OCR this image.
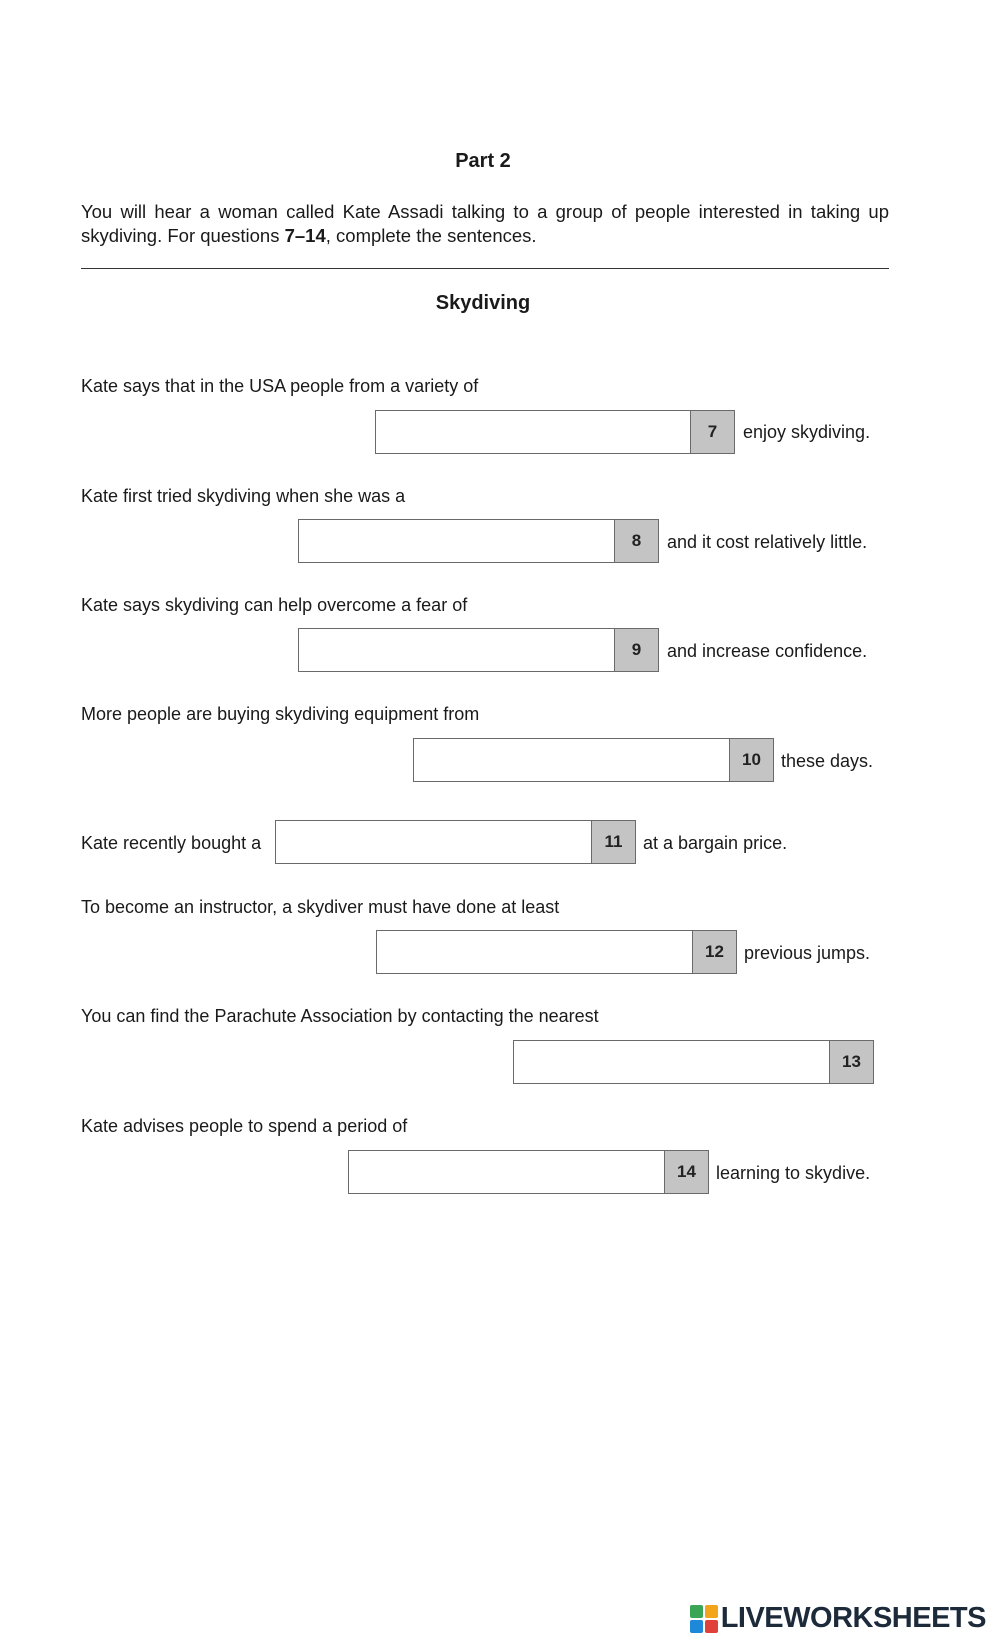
Part 2
You will hear a woman called Kate Assadi talking to a group of people interested in taking up skydiving. For questions 7–14, complete the sentences.
Skydiving
Kate says that in the USA people from a variety of
7	enjoy skydiving.
Kate first tried skydiving when she was a
8	and it cost relatively little.
Kate says skydiving can help overcome a fear of
9	and increase confidence.
More people are buying skydiving equipment from
10	these days.
Kate recently bought a	11	at a bargain price.
To become an instructor, a skydiver must have done at least
12	previous jumps.
You can find the Parachute Association by contacting the nearest
13
Kate advises people to spend a period of
14	learning to skydive.
LIVEWORKSHEETS
